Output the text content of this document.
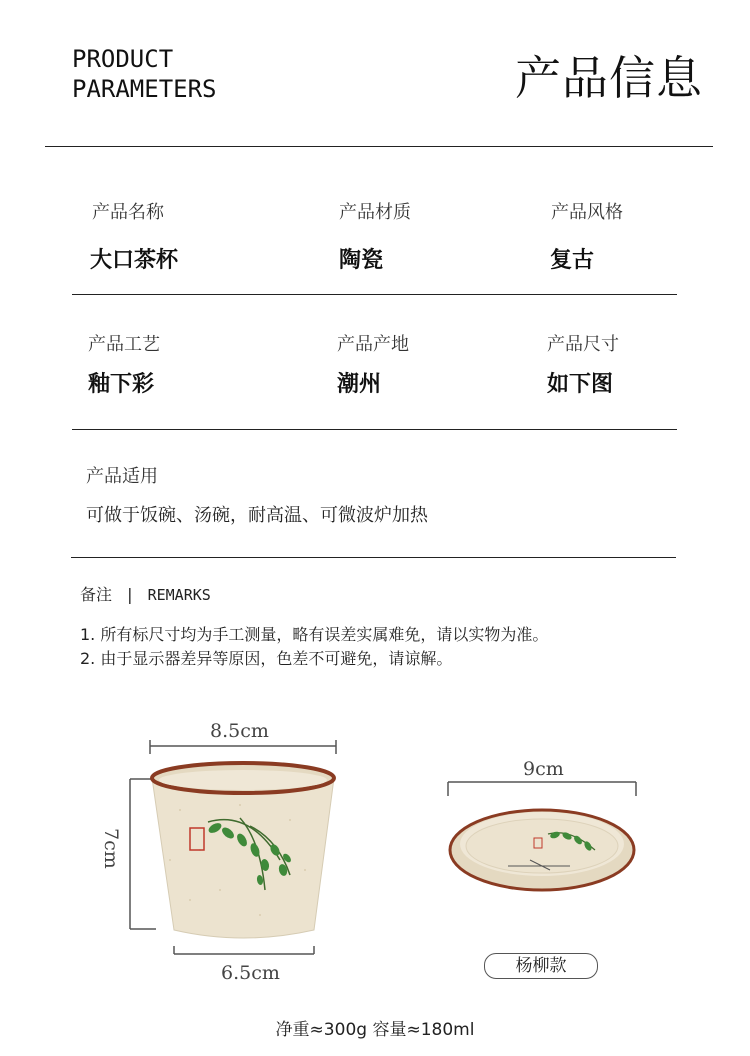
PRODUCT
PARAMETERS	产品信息
产品名称
大口茶杯
产品材质
陶瓷
产品风格
复古
产品工艺
釉下彩
产品产地
潮州
产品尺寸
如下图
产品适用
可做于饭碗、汤碗，耐高温、可微波炉加热
备注 | REMARKS
1. 所有标尺寸均为手工测量，略有误差实属难免，请以实物为准。
2. 由于显示器差异等原因，色差不可避免，请谅解。
8.5cm
7cm
6.5cm
9cm
杨柳款
净重≈300g 容量≈180ml
